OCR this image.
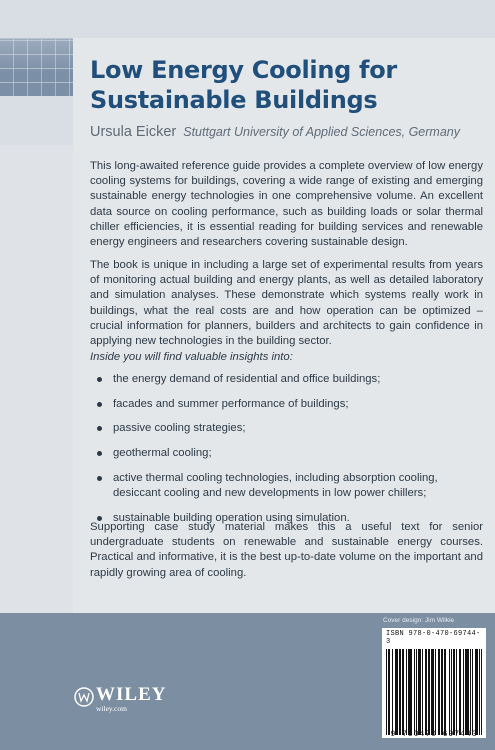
Low Energy Cooling for Sustainable Buildings
Ursula Eicker Stuttgart University of Applied Sciences, Germany

This long-awaited reference guide provides a complete overview of low energy cooling systems for buildings, covering a wide range of existing and emerging sustainable energy technologies in one comprehensive volume. An excellent data source on cooling performance, such as building loads or solar thermal chiller efficiencies, it is essential reading for building services and renewable energy engineers and researchers covering sustainable design.

The book is unique in including a large set of experimental results from years of monitoring actual building and energy plants, as well as detailed laboratory and simulation analyses. These demonstrate which systems really work in buildings, what the real costs are and how operation can be optimized – crucial information for planners, builders and architects to gain confidence in applying new technologies in the building sector.

Inside you will find valuable insights into:
the energy demand of residential and office buildings;
facades and summer performance of buildings;
passive cooling strategies;
geothermal cooling;
active thermal cooling technologies, including absorption cooling, desiccant cooling and new developments in low power chillers;
sustainable building operation using simulation.

Supporting case study material makes this a useful text for senior undergraduate students on renewable and sustainable energy courses. Practical and informative, it is the best up-to-date volume on the important and rapidly growing area of cooling.

Cover design: Jim Wilkie
ISBN 978-0-470-69744-3
9 780470 697443
WILEY
wiley.com
